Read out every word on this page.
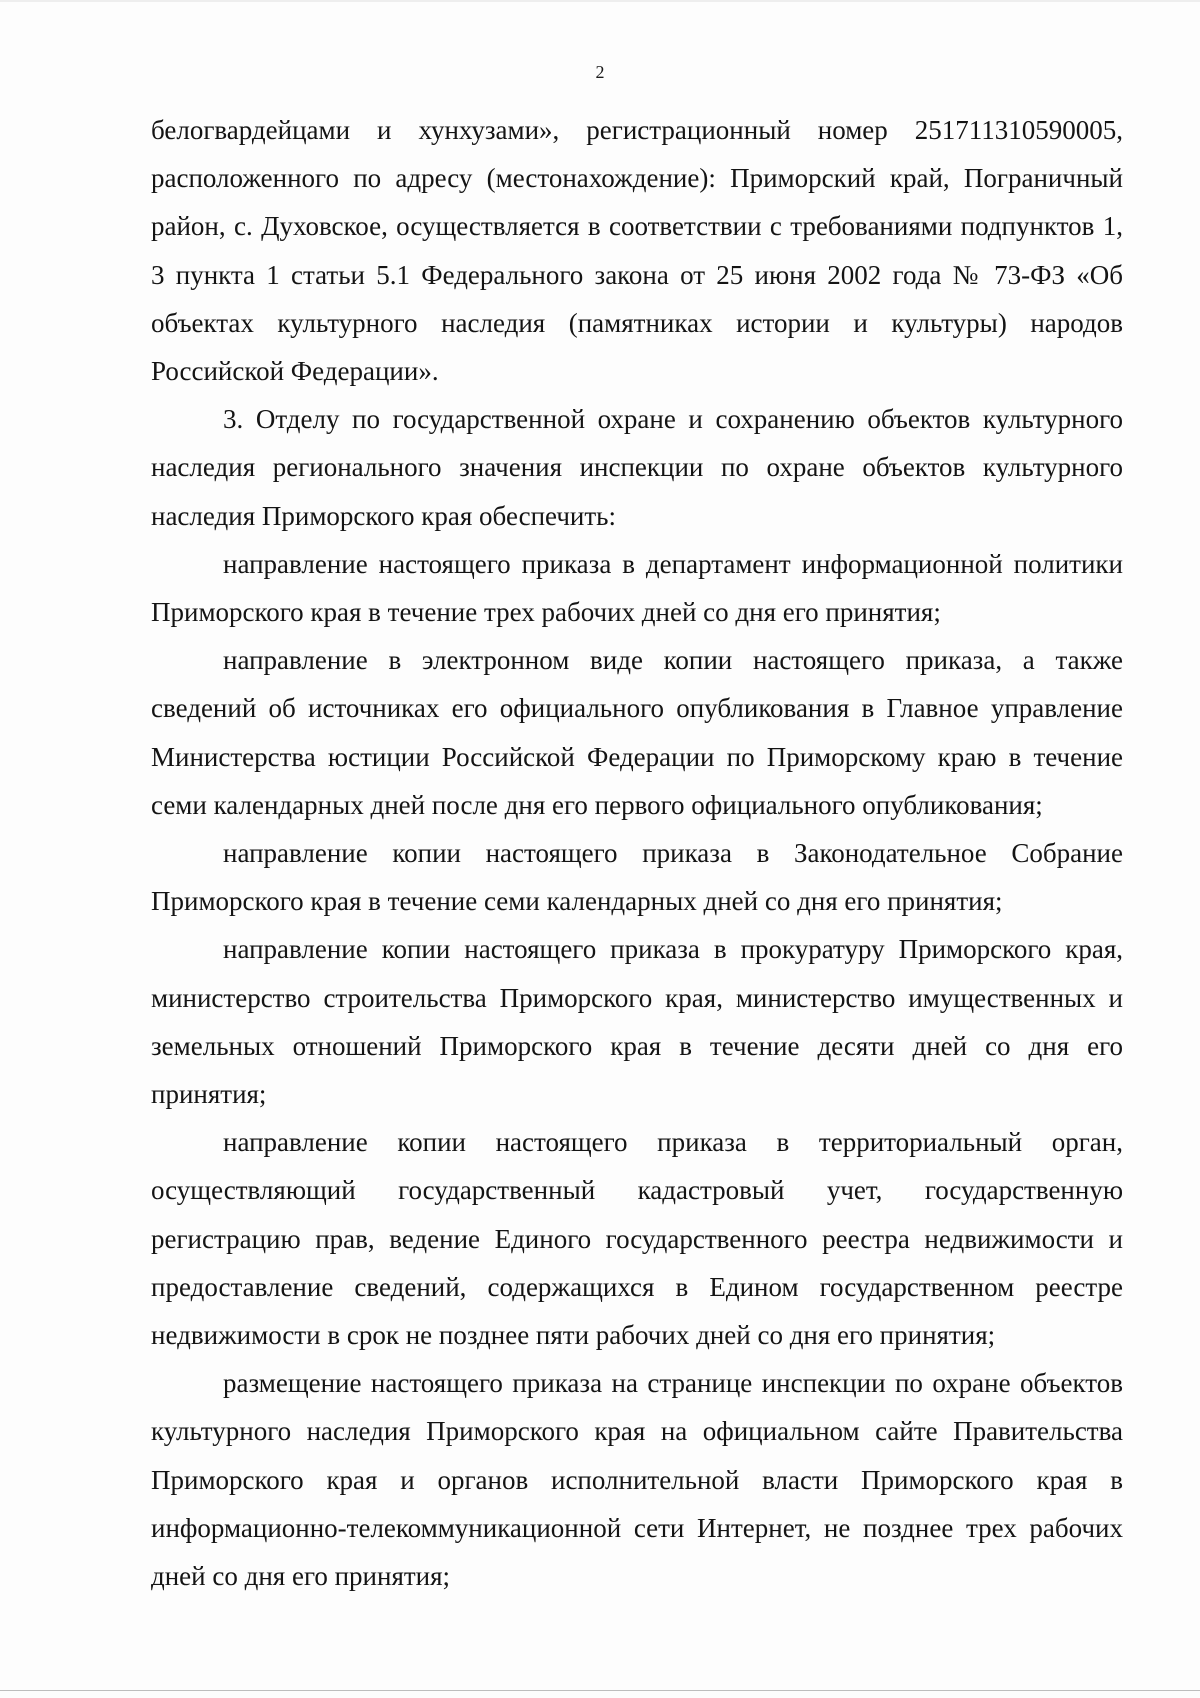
2

белогвардейцами и хунхузами», регистрационный номер 251711310590005, расположенного по адресу (местонахождение): Приморский край, Пограничный район, с. Духовское, осуществляется в соответствии с требованиями подпунктов 1, 3 пункта 1 статьи 5.1 Федерального закона от 25 июня 2002 года № 73-ФЗ «Об объектах культурного наследия (памятниках истории и культуры) народов Российской Федерации».

3. Отделу по государственной охране и сохранению объектов культурного наследия регионального значения инспекции по охране объектов культурного наследия Приморского края обеспечить:

направление настоящего приказа в департамент информационной политики Приморского края в течение трех рабочих дней со дня его принятия;

направление в электронном виде копии настоящего приказа, а также сведений об источниках его официального опубликования в Главное управление Министерства юстиции Российской Федерации по Приморскому краю в течение семи календарных дней после дня его первого официального опубликования;

направление копии настоящего приказа в Законодательное Собрание Приморского края в течение семи календарных дней со дня его принятия;

направление копии настоящего приказа в прокуратуру Приморского края, министерство строительства Приморского края, министерство имущественных и земельных отношений Приморского края в течение десяти дней со дня его принятия;

направление копии настоящего приказа в территориальный орган, осуществляющий государственный кадастровый учет, государственную регистрацию прав, ведение Единого государственного реестра недвижимости и предоставление сведений, содержащихся в Едином государственном реестре недвижимости в срок не позднее пяти рабочих дней со дня его принятия;

размещение настоящего приказа на странице инспекции по охране объектов культурного наследия Приморского края на официальном сайте Правительства Приморского края и органов исполнительной власти Приморского края в информационно-телекоммуникационной сети Интернет, не позднее трех рабочих дней со дня его принятия;
